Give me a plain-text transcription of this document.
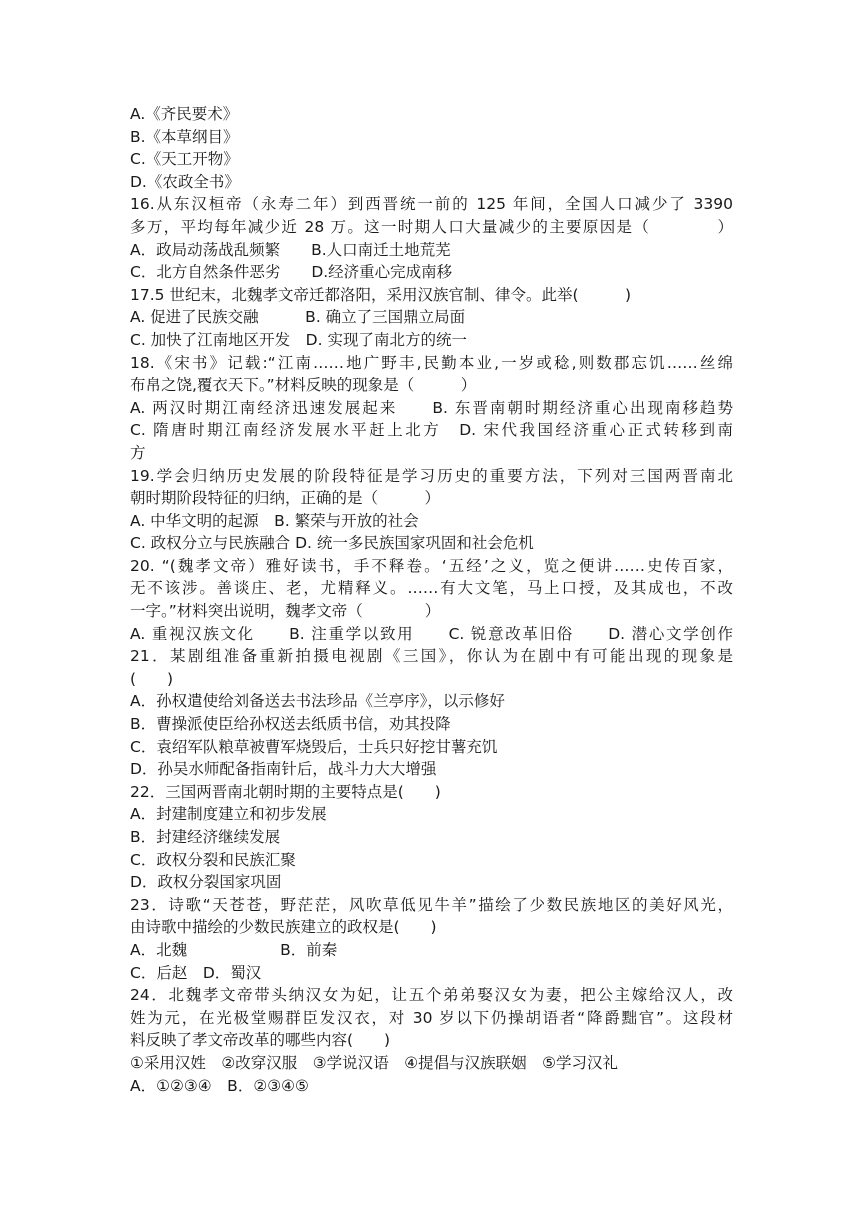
A.《齐民要术》
B.《本草纲目》
C.《天工开物》
D.《农政全书》
16.从东汉桓帝（永寿二年）到西晋统一前的 125 年间，全国人口减少了 3390
多万，平均每年减少近 28 万。这一时期人口大量减少的主要原因是（　　　　）
A．政局动荡战乱频繁　　B.人口南迁土地荒芜
C．北方自然条件恶劣　　D.经济重心完成南移
17.5 世纪末，北魏孝文帝迁都洛阳，采用汉族官制、律令。此举(　　　)
A. 促进了民族交融　　　B. 确立了三国鼎立局面
C. 加快了江南地区开发　D. 实现了南北方的统一
18.《宋书》记载:“江南……地广野丰,民勤本业,一岁或稔,则数郡忘饥……丝绵
布帛之饶,覆衣天下。”材料反映的现象是（　　　）
A. 两汉时期江南经济迅速发展起来　　B. 东晋南朝时期经济重心出现南移趋势
C. 隋唐时期江南经济发展水平赶上北方　D. 宋代我国经济重心正式转移到南
方
19.学会归纳历史发展的阶段特征是学习历史的重要方法，下列对三国两晋南北
朝时期阶段特征的归纳，正确的是（　　　）
A. 中华文明的起源　B. 繁荣与开放的社会
C. 政权分立与民族融合 D. 统一多民族国家巩固和社会危机
20. “(魏孝文帝）雅好读书，手不释卷。‘五经’之义，览之便讲……史传百家，
无不该涉。善谈庄、老，尤精释义。……有大文笔，马上口授，及其成也，不改
一字。”材料突出说明，魏孝文帝（　　　　）
A. 重视汉族文化　　B. 注重学以致用　　C. 锐意改革旧俗　　D. 潜心文学创作
21．某剧组准备重新拍摄电视剧《三国》，你认为在剧中有可能出现的现象是
(　　)
A．孙权遣使给刘备送去书法珍品《兰亭序》，以示修好
B．曹操派使臣给孙权送去纸质书信，劝其投降
C．袁绍军队粮草被曹军烧毁后，士兵只好挖甘薯充饥
D．孙吴水师配备指南针后，战斗力大大增强
22．三国两晋南北朝时期的主要特点是(　　)
A．封建制度建立和初步发展
B．封建经济继续发展
C．政权分裂和民族汇聚
D．政权分裂国家巩固
23．诗歌“天苍苍，野茫茫，风吹草低见牛羊”描绘了少数民族地区的美好风光，
由诗歌中描绘的少数民族建立的政权是(　　)
A．北魏　　　　　　B．前秦
C．后赵　D．蜀汉
24．北魏孝文帝带头纳汉女为妃，让五个弟弟娶汉女为妻，把公主嫁给汉人，改
姓为元，在光极堂赐群臣发汉衣，对 30 岁以下仍操胡语者“降爵黜官”。这段材
料反映了孝文帝改革的哪些内容(　　)
①采用汉姓　②改穿汉服　③学说汉语　④提倡与汉族联姻　⑤学习汉礼
A．①②③④　B．②③④⑤
